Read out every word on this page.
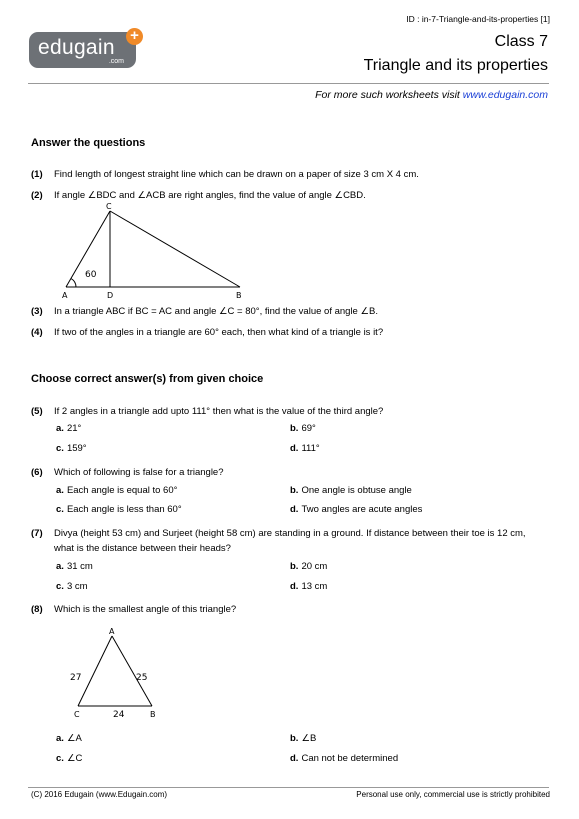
ID : in-7-Triangle-and-its-properties [1]
edugain
.com
+	Class 7
Triangle and its properties
For more such worksheets visit www.edugain.com
Answer the questions
(1) Find length of longest straight line which can be drawn on a paper of size 3 cm X 4 cm.
(2) If angle ∠BDC and ∠ACB are right angles, find the value of angle ∠CBD.
C
A	D	B
60
(3) In a triangle ABC if BC = AC and angle ∠C = 80°, find the value of angle ∠B.
(4) If two of the angles in a triangle are 60° each, then what kind of a triangle is it?
Choose correct answer(s) from given choice
(5) If 2 angles in a triangle add upto 111° then what is the value of the third angle?
a. 21°	b. 69°
c. 159°	d. 111°
(6) Which of following is false for a triangle?
a. Each angle is equal to 60°	b. One angle is obtuse angle
c. Each angle is less than 60°	d. Two angles are acute angles
(7) Divya (height 53 cm) and Surjeet (height 58 cm) are standing in a ground. If distance between their toe is 12 cm, what is the distance between their heads?
a. 31 cm	b. 20 cm
c. 3 cm	d. 13 cm
(8) Which is the smallest angle of this triangle?
A
B
C
27	25
24
a. ∠A	b. ∠B
c. ∠C	d. Can not be determined
(C) 2016 Edugain (www.Edugain.com)	Personal use only, commercial use is strictly prohibited
